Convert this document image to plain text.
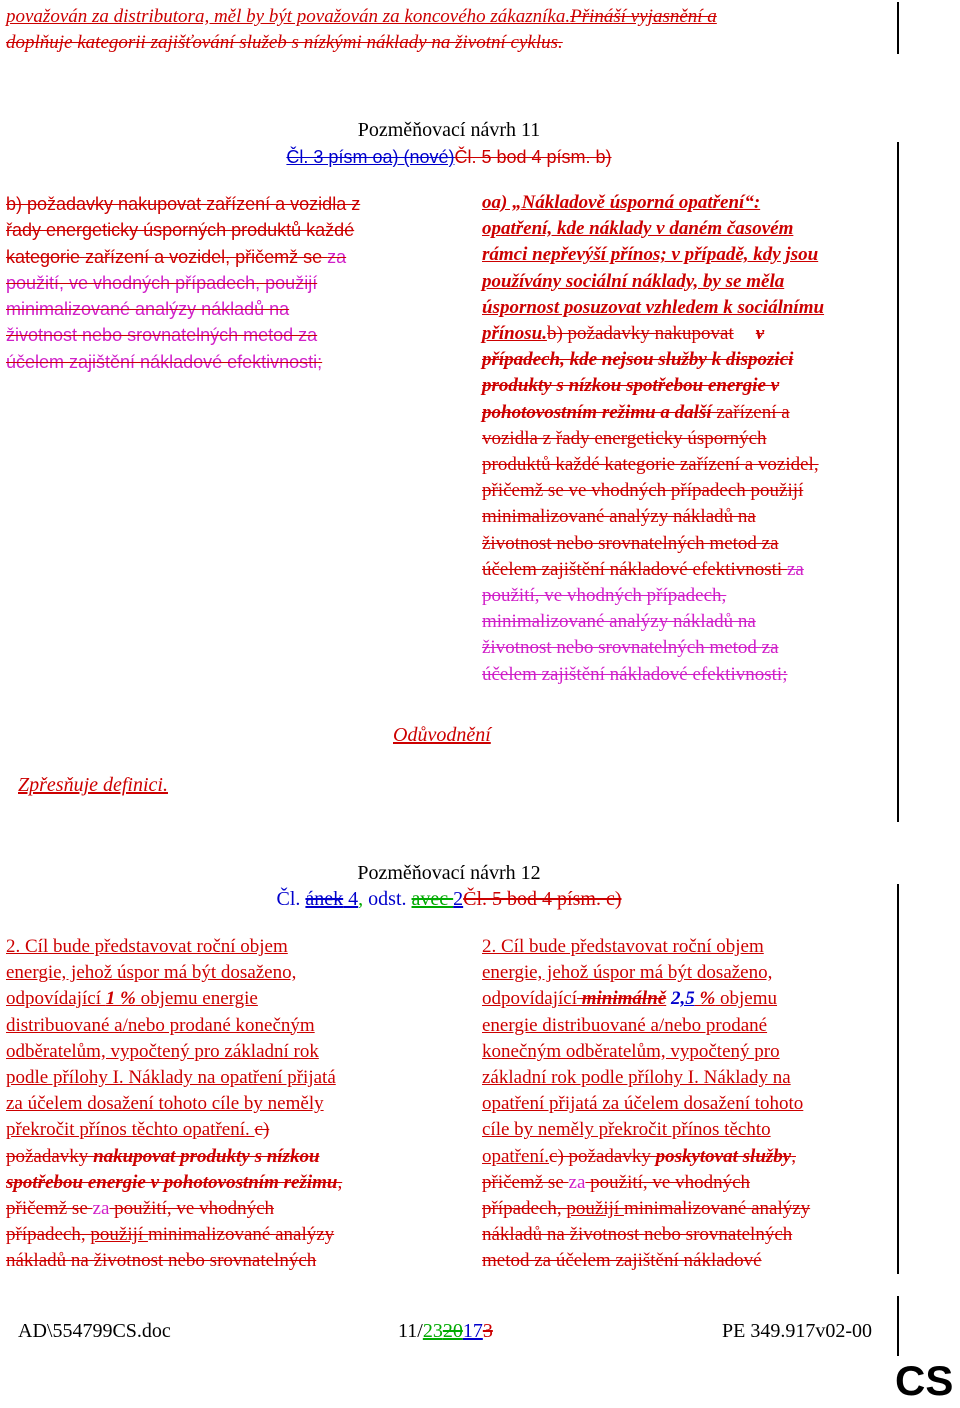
považován za distributora, měl by být považován za koncového zákazníka.Přináší vyjasnění a
doplňuje kategorii zajišťování služeb s nízkými náklady na životní cyklus.
Pozměňovací návrh 11
Čl. 3 písm oa) (nové)Čl. 5 bod 4 písm. b)
b) požadavky nakupovat zařízení a vozidla z
řady energeticky úsporných produktů každé
kategorie zařízení a vozidel, přičemž se za
použití, ve vhodných případech, použijí
minimalizované analýzy nákladů na
životnost nebo srovnatelných metod za
účelem zajištění nákladové efektivnosti;
oa) „Nákladově úsporná opatření“:
opatření, kde náklady v daném časovém
rámci nepřevýší přínos; v případě, kdy jsou
používány sociální náklady, by se měla
úspornost posuzovat vzhledem k sociálnímu
přínosu.b) požadavky nakupovat v
případech, kde nejsou služby k dispozici
produkty s nízkou spotřebou energie v
pohotovostním režimu a další zařízení a
vozidla z řady energeticky úsporných
produktů každé kategorie zařízení a vozidel,
přičemž se ve vhodných případech použijí
minimalizované analýzy nákladů na
životnost nebo srovnatelných metod za
účelem zajištění nákladové efektivnosti za
použití, ve vhodných případech,
minimalizované analýzy nákladů na
životnost nebo srovnatelných metod za
účelem zajištění nákladové efektivnosti;
Odůvodnění
Zpřesňuje definici.
Pozměňovací návrh 12
Čl. ánek 4, odst. avec 2Čl. 5 bod 4 písm. c)
2. Cíl bude představovat roční objem
energie, jehož úspor má být dosaženo,
odpovídající 1 % objemu energie
distribuované a/nebo prodané konečným
odběratelům, vypočtený pro základní rok
podle přílohy I. Náklady na opatření přijatá
za účelem dosažení tohoto cíle by neměly
překročit přínos těchto opatření. c)
požadavky nakupovat produkty s nízkou
spotřebou energie v pohotovostním režimu,
přičemž se za použití, ve vhodných
případech, použijí minimalizované analýzy
nákladů na životnost nebo srovnatelných
2. Cíl bude představovat roční objem
energie, jehož úspor má být dosaženo,
odpovídající minimálně 2,5 % objemu
energie distribuované a/nebo prodané
konečným odběratelům, vypočtený pro
základní rok podle přílohy I. Náklady na
opatření přijatá za účelem dosažení tohoto
cíle by neměly překročit přínos těchto
opatření.c) požadavky poskytovat služby,
přičemž se za použití, ve vhodných
případech, použijí minimalizované analýzy
nákladů na životnost nebo srovnatelných
metod za účelem zajištění nákladové
AD\554799CS.doc	11/2320173	PE 349.917v02-00
CS
